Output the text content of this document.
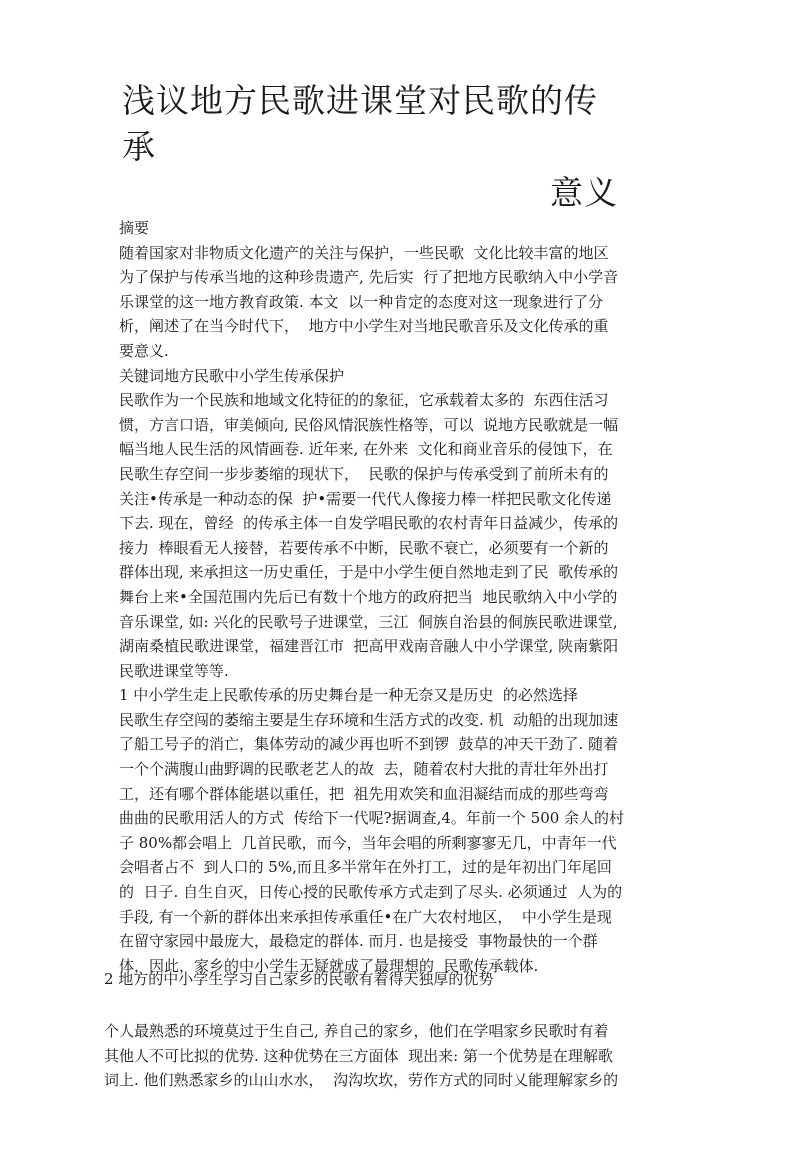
浅议地方民歌进课堂对民歌的传承
意义
摘要
随着国家对非物质文化遗产的关注与保护，一些民歌  文化比较丰富的地区
为了保护与传承当地的这种珍贵遗产, 先后实  行了把地方民歌纳入中小学音
乐课堂的这一地方教育政策. 本文  以一种肯定的态度对这一现象进行了分
析，阐述了在当今时代下，  地方中小学生对当地民歌音乐及文化传承的重
要意义.
关键词地方民歌中小学生传承保护
民歌作为一个民族和地域文化特征的的象征，它承载着太多的  东西住活习
惯，方言口语，审美倾向, 民俗风情泯族性格等，可以  说地方民歌就是一幅
幅当地人民生活的风情画卷. 近年来, 在外来  文化和商业音乐的侵蚀下，在
民歌生存空间一步步萎缩的现状下，  民歌的保护与传承受到了前所未有的
关注•传承是一种动态的保  护•需要一代代人像接力棒一样把民歌文化传递
下去. 现在，曾经  的传承主体一自发学唱民歌的农村青年日益减少，传承的
接力  棒眼看无人接替，若要传承不中断，民歌不衰亡，必须要有一个新的
群体出现, 来承担这一历史重任，于是中小学生便自然地走到了民  歌传承的
舞台上来•全国范围内先后已有数十个地方的政府把当  地民歌纳入中小学的
音乐课堂, 如: 兴化的民歌号子进课堂，三江  侗族自治县的侗族民歌进课堂,
湖南桑植民歌进课堂，福建晋江市  把高甲戏南音融人中小学课堂, 陕南紫阳
民歌进课堂等等.
1 中小学生走上民歌传承的历史舞台是一种无奈又是历史  的必然选择
民歌生存空闯的萎缩主要是生存环境和生活方式的改变. 机  动船的出现加速
了船工号子的消亡，集体劳动的减少再也听不到锣  鼓草的冲天干劲了. 随着
一个个满腹山曲野调的民歌老艺人的故  去，随着农村大批的青壮年外出打
工，还有哪个群体能堪以重任，把  祖先用欢笑和血泪凝结而成的那些弯弯
曲曲的民歌用活人的方式  传给下一代呢?据调查,4。年前一个 500 余人的村
子 80%都会唱上  几首民歌，而今，当年会唱的所剩寥寥无几，中青年一代
会唱者占不  到人口的 5%,而且多半常年在外打工，过的是年初出门年尾回
的  日子. 自生自灭，日传心授的民歌传承方式走到了尽头. 必须通过  人为的
手段, 有一个新的群体出来承担传承重任•在广大农村地区，  中小学生是现
在留守家园中最庞大，最稳定的群体. 而月. 也是接受  事物最快的一个群
体，因此，家乡的中小学生无疑就成了最理想的  民歌传承载体.
2 地方的中小学生学习自己家乡的民歌有着得天独厚的优势
个人最熟悉的环境莫过于生自己, 养自己的家乡，他们在学唱家乡民歌时有着
其他人不可比拟的优势. 这种优势在三方面体  现出来: 第一个优势是在理解歌
词上. 他们熟悉家乡的山山水水，  沟沟坎坎，劳作方式的同时乂能理解家乡的
